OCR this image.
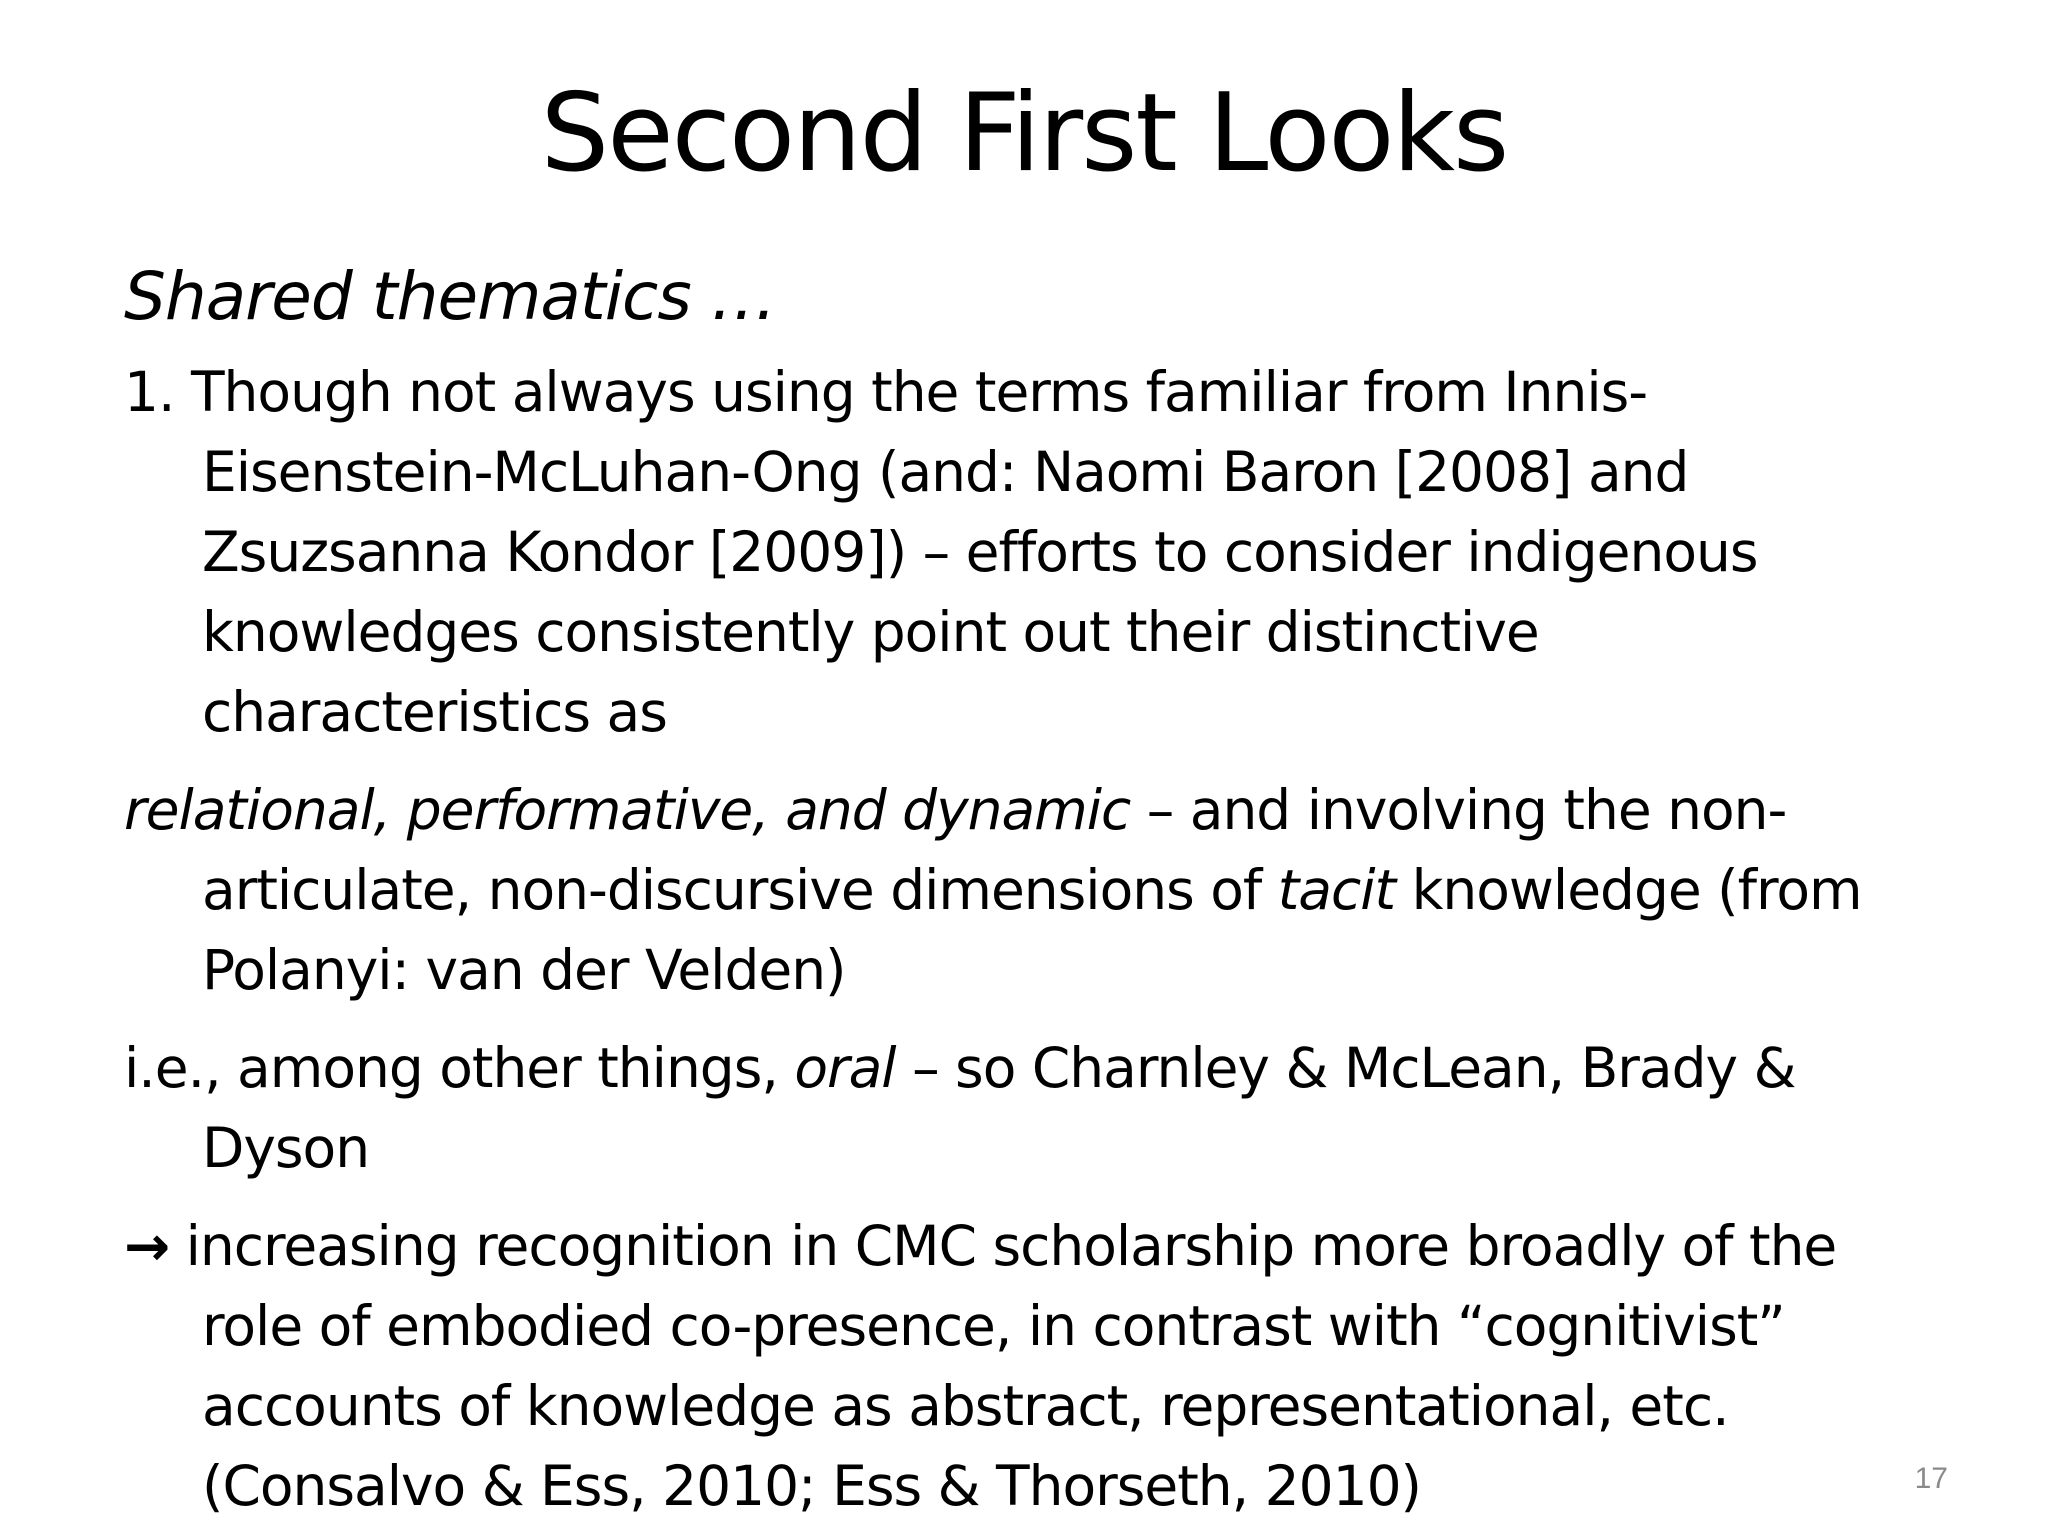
Second First Looks
Shared thematics …
1. Though not always using the terms familiar from Innis-Eisenstein-McLuhan-Ong (and: Naomi Baron [2008] and Zsuzsanna Kondor [2009]) – efforts to consider indigenous knowledges consistently point out their distinctive characteristics as
relational, performative, and dynamic – and involving the non-articulate, non-discursive dimensions of tacit knowledge (from Polanyi: van der Velden)
i.e., among other things, oral – so Charnley & McLean, Brady & Dyson
→ increasing recognition in CMC scholarship more broadly of the role of embodied co-presence, in contrast with “cognitivist” accounts of knowledge as abstract, representational, etc. (Consalvo & Ess, 2010; Ess & Thorseth, 2010)	17
